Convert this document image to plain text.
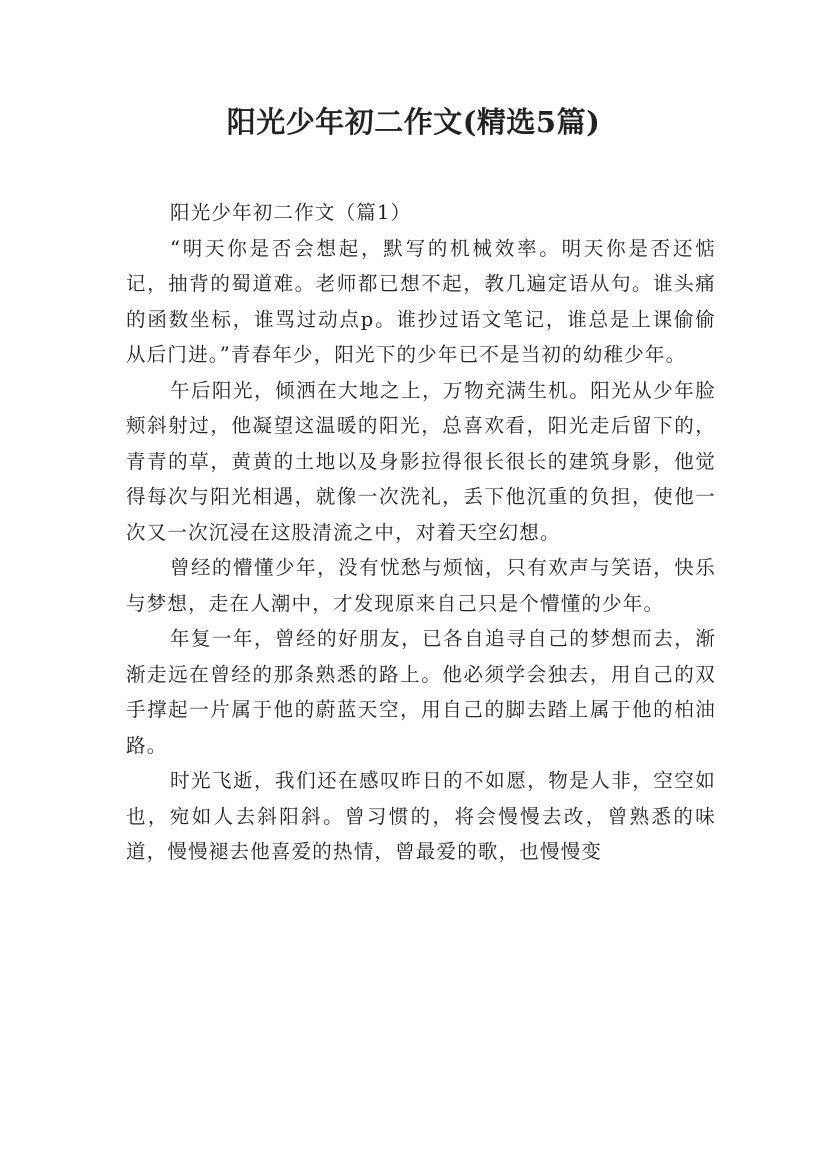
阳光少年初二作文(精选5篇)

阳光少年初二作文（篇1）

“明天你是否会想起，默写的机械效率。明天你是否还惦记，抽背的蜀道难。老师都已想不起，教几遍定语从句。谁头痛的函数坐标，谁骂过动点p。谁抄过语文笔记，谁总是上课偷偷从后门进。”青春年少，阳光下的少年已不是当初的幼稚少年。

午后阳光，倾洒在大地之上，万物充满生机。阳光从少年脸颊斜射过，他凝望这温暖的阳光，总喜欢看，阳光走后留下的，青青的草，黄黄的土地以及身影拉得很长很长的建筑身影，他觉得每次与阳光相遇，就像一次洗礼，丢下他沉重的负担，使他一次又一次沉浸在这股清流之中，对着天空幻想。

曾经的懵懂少年，没有忧愁与烦恼，只有欢声与笑语，快乐与梦想，走在人潮中，才发现原来自己只是个懵懂的少年。

年复一年，曾经的好朋友，已各自追寻自己的梦想而去，渐渐走远在曾经的那条熟悉的路上。他必须学会独去，用自己的双手撑起一片属于他的蔚蓝天空，用自己的脚去踏上属于他的柏油路。

时光飞逝，我们还在感叹昨日的不如愿，物是人非，空空如也，宛如人去斜阳斜。曾习惯的，将会慢慢去改，曾熟悉的味道，慢慢褪去他喜爱的热情，曾最爱的歌，也慢慢变
